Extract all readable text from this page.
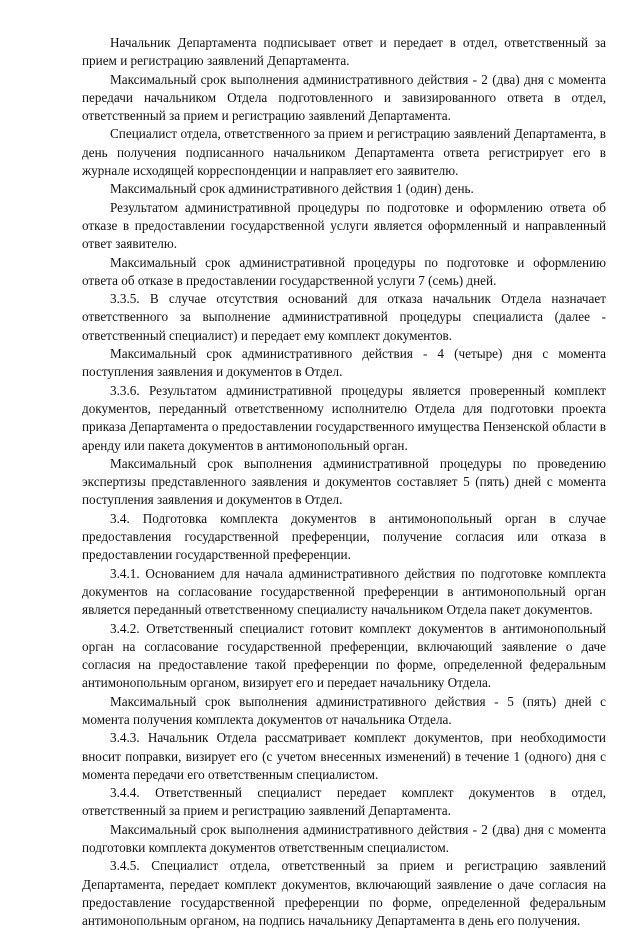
Начальник Департамента подписывает ответ и передает в отдел, ответственный за прием и регистрацию заявлений Департамента.

Максимальный срок выполнения административного действия - 2 (два) дня с момента передачи начальником Отдела подготовленного и завизированного ответа в отдел, ответственный за прием и регистрацию заявлений Департамента.

Специалист отдела, ответственного за прием и регистрацию заявлений Департамента, в день получения подписанного начальником Департамента ответа регистрирует его в журнале исходящей корреспонденции и направляет его заявителю.

Максимальный срок административного действия 1 (один) день.

Результатом административной процедуры по подготовке и оформлению ответа об отказе в предоставлении государственной услуги является оформленный и направленный ответ заявителю.

Максимальный срок административной процедуры по подготовке и оформлению ответа об отказе в предоставлении государственной услуги 7 (семь) дней.

3.3.5. В случае отсутствия оснований для отказа начальник Отдела назначает ответственного за выполнение административной процедуры специалиста (далее - ответственный специалист) и передает ему комплект документов.

Максимальный срок административного действия - 4 (четыре) дня с момента поступления заявления и документов в Отдел.

3.3.6. Результатом административной процедуры является проверенный комплект документов, переданный ответственному исполнителю Отдела для подготовки проекта приказа Департамента о предоставлении государственного имущества Пензенской области в аренду или пакета документов в антимонопольный орган.

Максимальный срок выполнения административной процедуры по проведению экспертизы представленного заявления и документов составляет 5 (пять) дней с момента поступления заявления и документов в Отдел.

3.4. Подготовка комплекта документов в антимонопольный орган в случае предоставления государственной преференции, получение согласия или отказа в предоставлении государственной преференции.

3.4.1. Основанием для начала административного действия по подготовке комплекта документов на согласование государственной преференции в антимонопольный орган является переданный ответственному специалисту начальником Отдела пакет документов.

3.4.2. Ответственный специалист готовит комплект документов в антимонопольный орган на согласование государственной преференции, включающий заявление о даче согласия на предоставление такой преференции по форме, определенной федеральным антимонопольным органом, визирует его и передает начальнику Отдела.

Максимальный срок выполнения административного действия - 5 (пять) дней с момента получения комплекта документов от начальника Отдела.

3.4.3. Начальник Отдела рассматривает комплект документов, при необходимости вносит поправки, визирует его (с учетом внесенных изменений) в течение 1 (одного) дня с момента передачи его ответственным специалистом.

3.4.4. Ответственный специалист передает комплект документов в отдел, ответственный за прием и регистрацию заявлений Департамента.

Максимальный срок выполнения административного действия - 2 (два) дня с момента подготовки комплекта документов ответственным специалистом.

3.4.5. Специалист отдела, ответственный за прием и регистрацию заявлений Департамента, передает комплект документов, включающий заявление о даче согласия на предоставление государственной преференции по форме, определенной федеральным антимонопольным органом, на подпись начальнику Департамента в день его получения.
